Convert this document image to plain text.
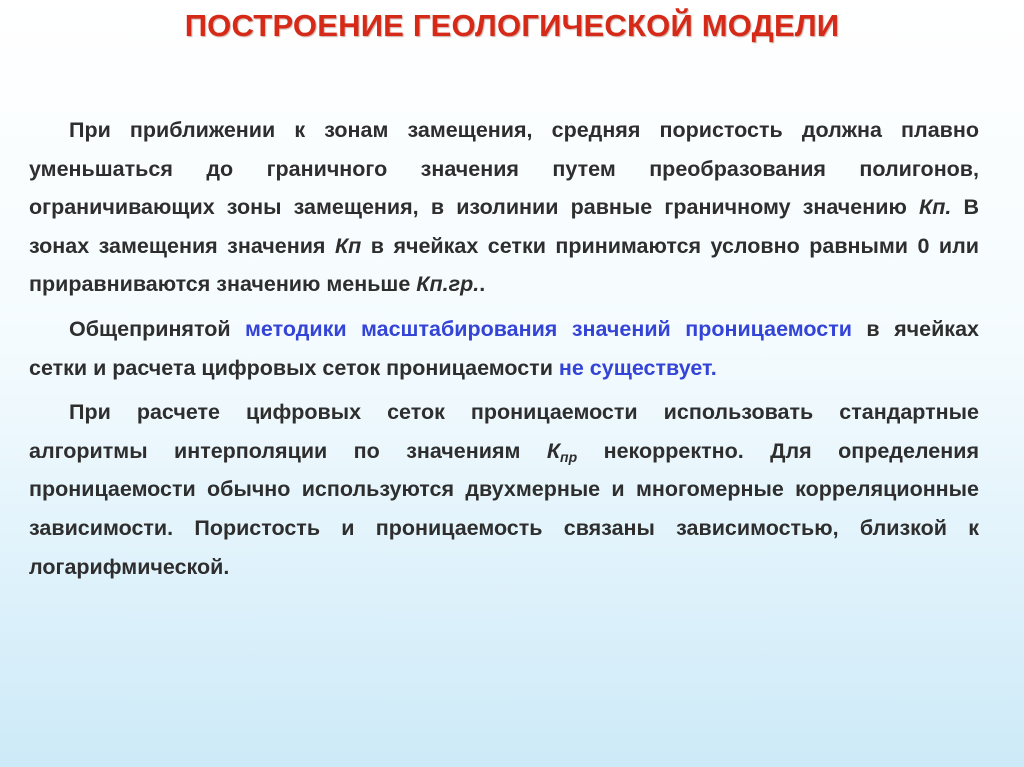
ПОСТРОЕНИЕ ГЕОЛОГИЧЕСКОЙ МОДЕЛИ

При приближении к зонам замещения, средняя пористость должна плавно уменьшаться до граничного значения путем преобразования полигонов, ограничивающих зоны замещения, в изолинии равные граничному значению Кп. В зонах замещения значения Кп в ячейках сетки принимаются условно равными 0 или приравниваются значению меньше Кп.гр..

Общепринятой методики масштабирования значений проницаемости в ячейках сетки и расчета цифровых сеток проницаемости не существует.

При расчете цифровых сеток проницаемости использовать стандартные алгоритмы интерполяции по значениям $К_{пр}$ некорректно. Для определения проницаемости обычно используются двухмерные и многомерные корреляционные зависимости. Пористость и проницаемость связаны зависимостью, близкой к логарифмической.
